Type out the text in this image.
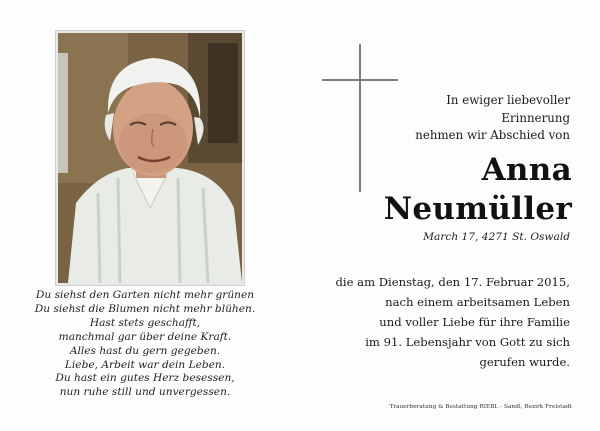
Du siehst den Garten nicht mehr grünen
Du siehst die Blumen nicht mehr blühen.
Hast stets geschafft,
manchmal gar über deine Kraft.
Alles hast du gern gegeben.
Liebe, Arbeit war dein Leben.
Du hast ein gutes Herz besessen,
nun ruhe still und unvergessen.
In ewiger liebevoller
Erinnerung
nehmen wir Abschied von
Anna
Neumüller
March 17, 4271 St. Oswald
die am Dienstag, den 17. Februar 2015,
nach einem arbeitsamen Leben
und voller Liebe für ihre Familie
im 91. Lebensjahr von Gott zu sich
gerufen wurde.
Trauerberatung & Bestattung RIEBL - Sandl, Bezirk Freistadt
